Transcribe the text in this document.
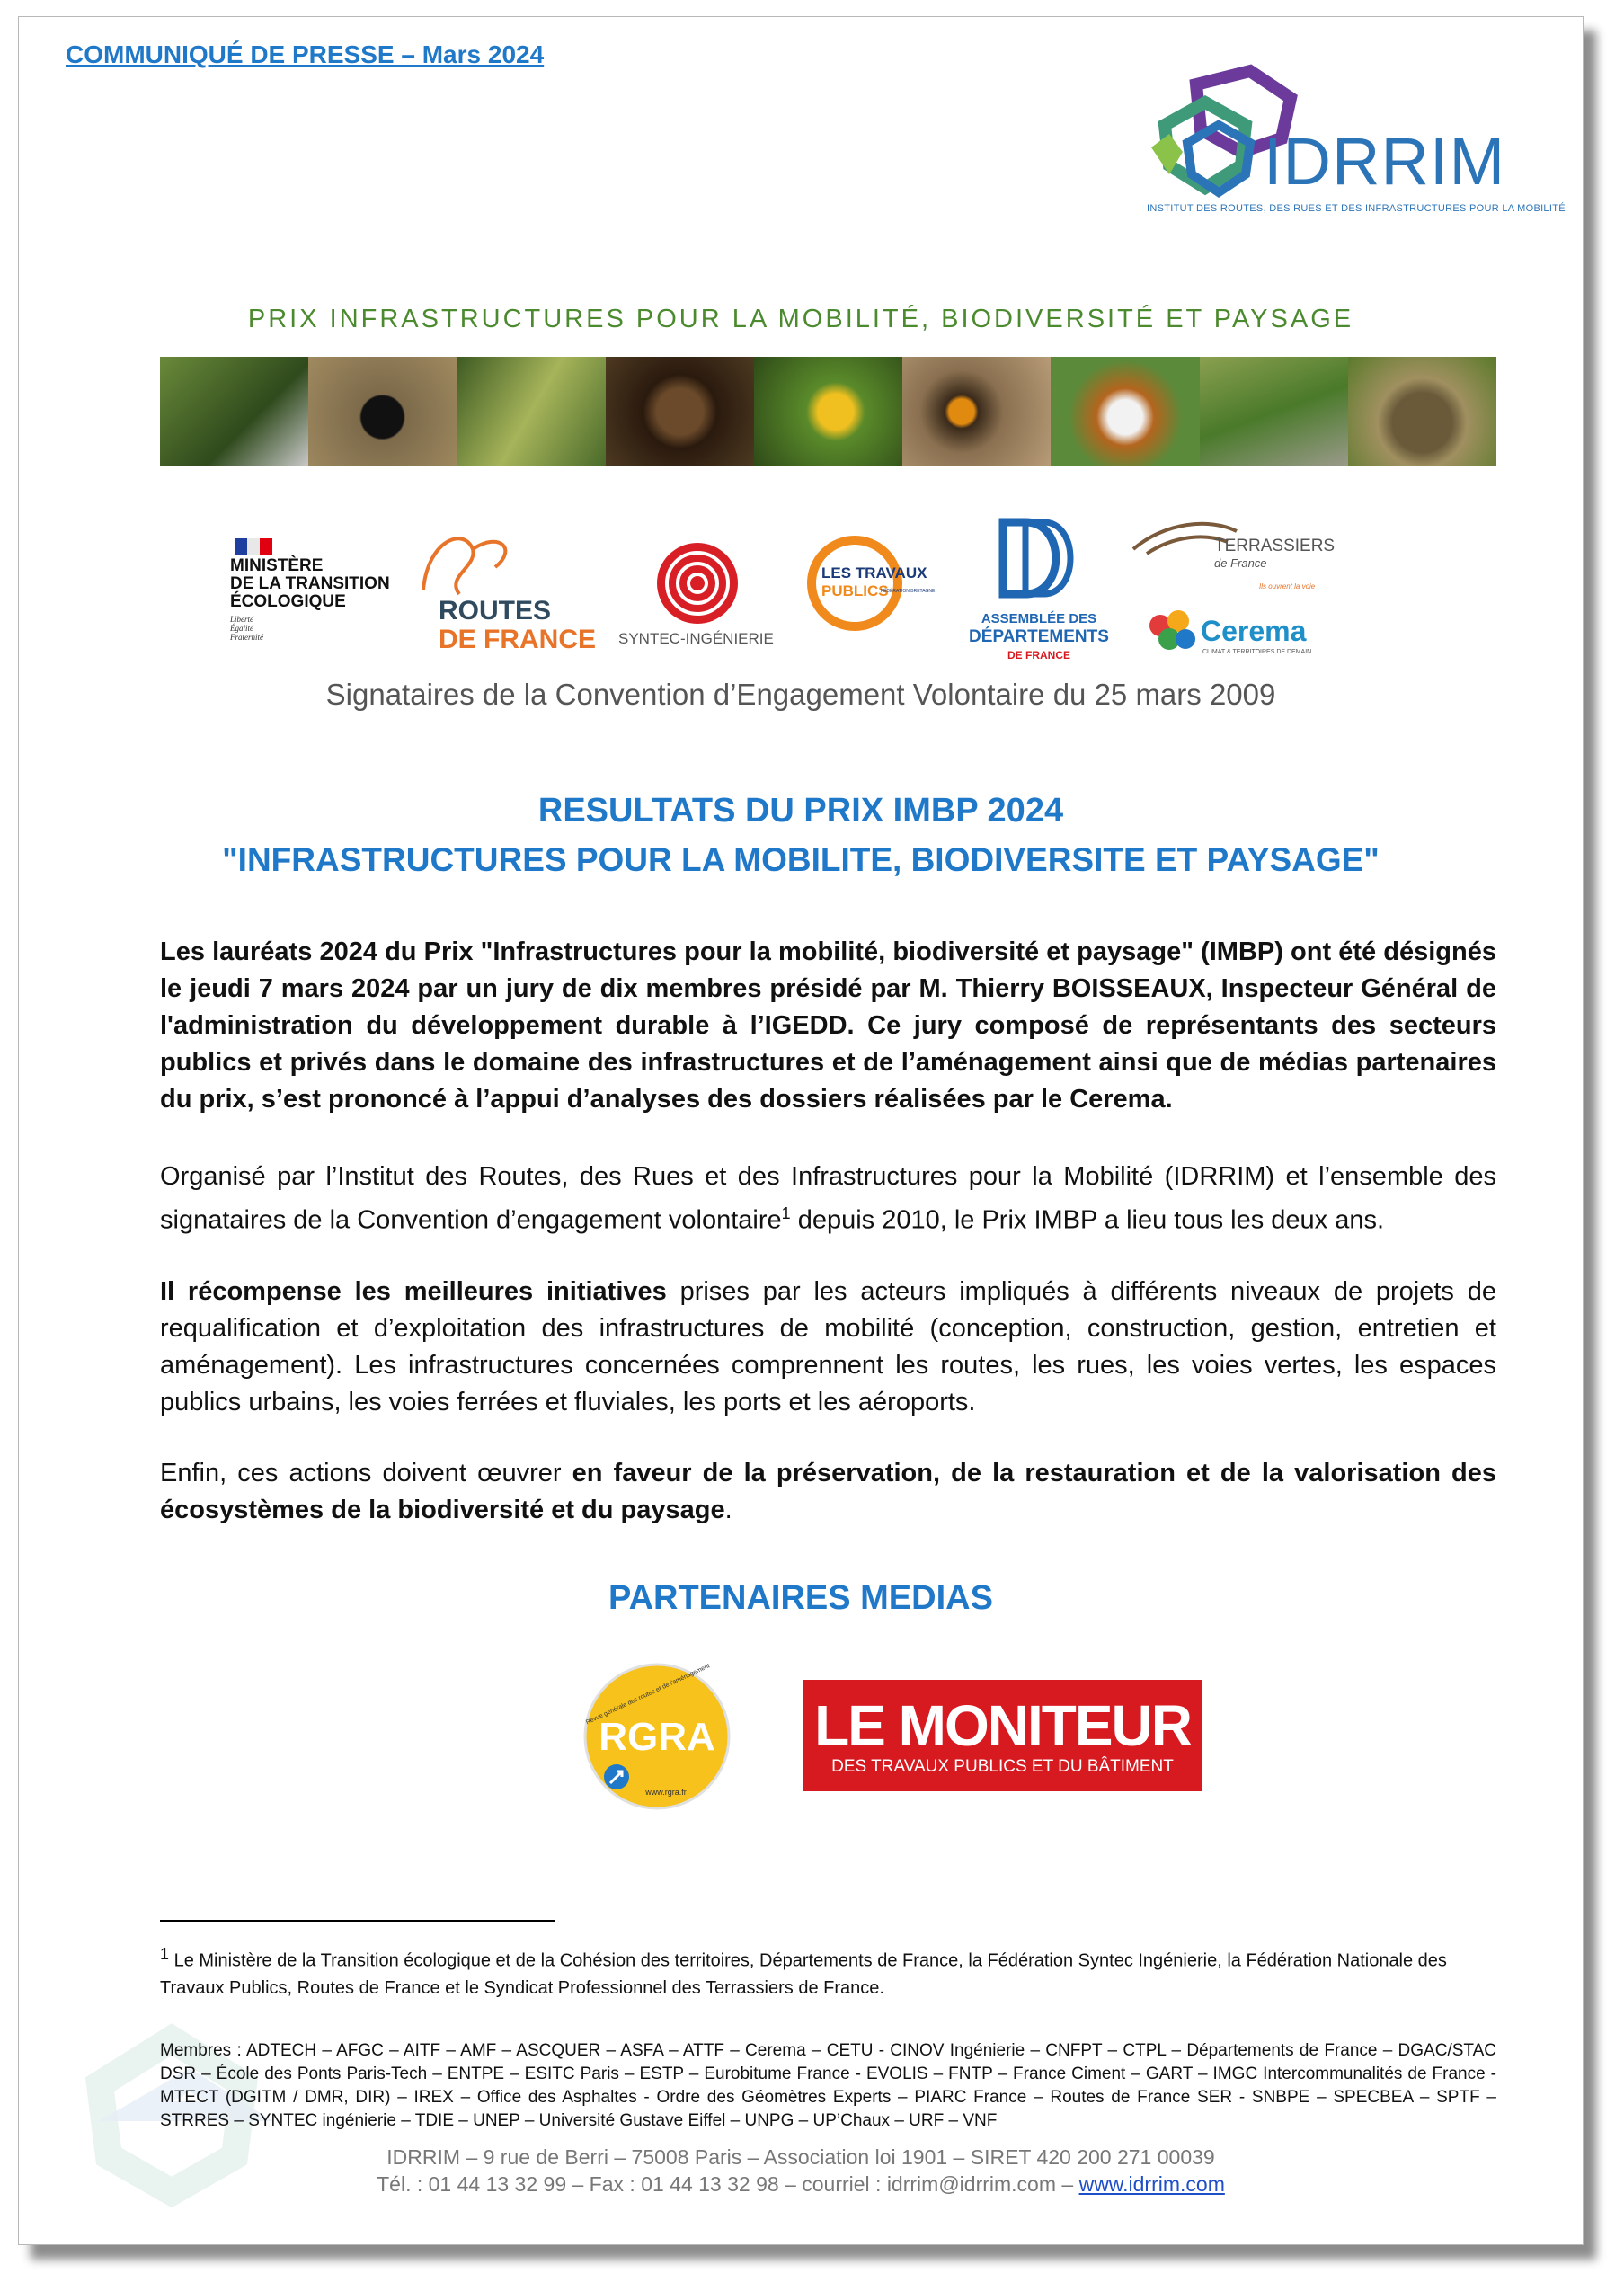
COMMUNIQUÉ DE PRESSE – Mars 2024
IDRRIM
INSTITUT DES ROUTES, DES RUES ET DES INFRASTRUCTURES POUR LA MOBILITÉ
PRIX INFRASTRUCTURES POUR LA MOBILITÉ, BIODIVERSITÉ ET PAYSAGE
MINISTÈRE
DE LA TRANSITION
ÉCOLOGIQUE
Liberté
Égalité
Fraternité
ROUTES
DE FRANCE SYNTEC-INGÉNIERIE
LES TRAVAUX
PUBLICS
FÉDÉRATION BRETAGNE
ASSEMBLÉE DES
DÉPARTEMENTS
DE FRANCE
TERRASSIERS
de France
Ils ouvrent la voie
Cerema
CLIMAT & TERRITOIRES DE DEMAIN
Signataires de la Convention d’Engagement Volontaire du 25 mars 2009
RESULTATS DU PRIX IMBP 2024
"INFRASTRUCTURES POUR LA MOBILITE, BIODIVERSITE ET PAYSAGE"
Les lauréats 2024 du Prix "Infrastructures pour la mobilité, biodiversité et paysage" (IMBP) ont été désignés le jeudi 7 mars 2024 par un jury de dix membres présidé par M. Thierry BOISSEAUX, Inspecteur Général de l'administration du développement durable à l’IGEDD. Ce jury composé de représentants des secteurs publics et privés dans le domaine des infrastructures et de l’aménagement ainsi que de médias partenaires du prix, s’est prononcé à l’appui d’analyses des dossiers réalisées par le Cerema.
Organisé par l’Institut des Routes, des Rues et des Infrastructures pour la Mobilité (IDRRIM) et l’ensemble des signataires de la Convention d’engagement volontaire$^1$ depuis 2010, le Prix IMBP a lieu tous les deux ans.
Il récompense les meilleures initiatives prises par les acteurs impliqués à différents niveaux de projets de requalification et d’exploitation des infrastructures de mobilité (conception, construction, gestion, entretien et aménagement). Les infrastructures concernées comprennent les routes, les rues, les voies vertes, les espaces publics urbains, les voies ferrées et fluviales, les ports et les aéroports.
Enfin, ces actions doivent œuvrer en faveur de la préservation, de la restauration et de la valorisation des écosystèmes de la biodiversité et du paysage.
PARTENAIRES MEDIAS
RGRA
Revue générale des routes et de l'aménagement
www.rgra.fr
LE MONITEUR
DES TRAVAUX PUBLICS ET DU BÂTIMENT
$^1$ Le Ministère de la Transition écologique et de la Cohésion des territoires, Départements de France, la Fédération Syntec Ingénierie, la Fédération Nationale des Travaux Publics, Routes de France et le Syndicat Professionnel des Terrassiers de France.
Membres : ADTECH – AFGC – AITF – AMF – ASCQUER – ASFA – ATTF – Cerema – CETU - CINOV Ingénierie – CNFPT – CTPL – Départements de France – DGAC/STAC DSR – École des Ponts Paris-Tech – ENTPE – ESITC Paris – ESTP – Eurobitume France - EVOLIS – FNTP – France Ciment – GART – IMGC Intercommunalités de France - MTECT (DGITM / DMR, DIR) – IREX – Office des Asphaltes - Ordre des Géomètres Experts – PIARC France – Routes de France SER - SNBPE – SPECBEA – SPTF – STRRES – SYNTEC ingénierie – TDIE – UNEP – Université Gustave Eiffel – UNPG – UP’Chaux – URF – VNF
IDRRIM – 9 rue de Berri – 75008 Paris – Association loi 1901 – SIRET 420 200 271 00039
Tél. : 01 44 13 32 99 – Fax : 01 44 13 32 98 – courriel : idrrim@idrrim.com – www.idrrim.com
